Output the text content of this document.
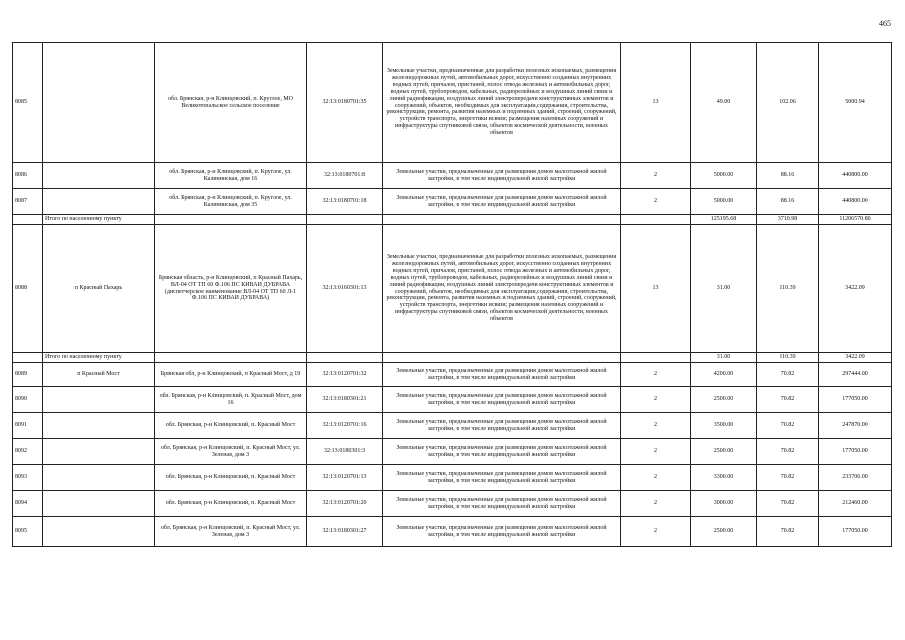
465
8085		обл. Брянская, р-н Клинцовский, п. Круглое, МО Великотопальское сельское поселение	32:13:0180701:35	Земельные участки, предназначенные для разработки полезных ископаемых, размещения железнодорожных путей, автомобильных дорог, искусственно созданных внутренних водных путей, причалов, пристаней, полос отвода железных и автомобильных дорог, водных путей, трубопроводов, кабельных, радиорелейных и воздушных линий связи и линий радиофикации, воздушных линий электропередачи конструктивных элементов и сооружений, объектов, необходимых для эксплуатации,содержания, строительства, реконструкции, ремонта, развития наземных и подземных зданий, строений, сооружений, устройств транспорта, энергетики исвязи; размещения наземных сооружений и инфраструктуры спутниковой связи, объектов космической деятельности, военных объектов	13	49.00	102.06	5000.94
8086		обл. Брянская, р-н Клинцовский, п. Круглое, ул. Калининская, дом 16	32:13:0180701:8	Земельные участки, предназначенные для размещения домов малоэтажной жилой застройки, в том числе индивидуальной жилой застройки	2	5000.00	88.16	440800.00
8087		обл. Брянская, р-н Клинцовский, п. Круглое, ул. Калининская, дом 35	32:13:0180701:18	Земельные участки, предназначенные для размещения домов малоэтажной жилой застройки, в том числе индивидуальной жилой застройки	2	5000.00	88.16	440800.00
	Итого по населенному пункту					125195.68	3710.98	11206570.80
8088	п Красный Пахарь	Брянская область, р-н Клинцовский, п Красный Пахарь, ВЛ-04 ОТ ТП 60 Ф.106 ПС КИВАИ ДУБРАВА (диспетчерское наименование ВЛ-04 ОТ ТП 60 Л-1 Ф.106 ПС КИВАИ ДУБРАВА)	32:13:0160301:13	Земельные участки, предназначенные для разработки полезных ископаемых, размещения железнодорожных путей, автомобильных дорог, искусственно созданных внутренних водных путей, причалов, пристаней, полос отвода железных и автомобильных дорог, водных путей, трубопроводов, кабельных, радиорелейных и воздушных линий связи и линий радиофикации, воздушных линий электропередачи конструктивных элементов и сооружений, объектов, необходимых для эксплуатации,содержания, строительства, реконструкции, ремонта, развития наземных и подземных зданий, строений, сооружений, устройств транспорта, энергетики исвязи; размещения наземных сооружений и инфраструктуры спутниковой связи, объектов космической деятельности, военных объектов	13	31.00	110.39	3422.09
	Итого по населенному пункту					31.00	110.39	3422.09
8089	п Красный Мост	Брянская обл, р-н Клинцовский, п Красный Мост, д 19	32:13:0120701:32	Земельные участки, предназначенные для размещения домов малоэтажной жилой застройки, в том числе индивидуальной жилой застройки	2	4200.00	70.82	297444.00
8090		обл. Брянская, р-н Клинцовский, п. Красный Мост, дом 16	32:13:0180301:21	Земельные участки, предназначенные для размещения домов малоэтажной жилой застройки, в том числе индивидуальной жилой застройки	2	2500.00	70.82	177050.00
8091		обл. Брянская, р-н Клинцовский, п. Красный Мост	32:13:0120701:16	Земельные участки, предназначенные для размещения домов малоэтажной жилой застройки, в том числе индивидуальной жилой застройки	2	3500.00	70.82	247870.00
8092		обл. Брянская, р-н Клинцовский, п. Красный Мост, ул. Зеленая, дом 3	32:13:0180301:3	Земельные участки, предназначенные для размещения домов малоэтажной жилой застройки, в том числе индивидуальной жилой застройки	2	2500.00	70.82	177050.00
8093		обл. Брянская, р-н Клинцовский, п. Красный Мост	32:13:0120701:13	Земельные участки, предназначенные для размещения домов малоэтажной жилой застройки, в том числе индивидуальной жилой застройки	2	3300.00	70.82	233706.00
8094		обл. Брянская, р-н Клинцовский, п. Красный Мост	32:13:0120701:20	Земельные участки, предназначенные для размещения домов малоэтажной жилой застройки, в том числе индивидуальной жилой застройки	2	3000.00	70.82	212460.00
8095		обл. Брянская, р-н Клинцовский, п. Красный Мост, ул. Зеленая, дом 3	32:13:0180301:27	Земельные участки, предназначенные для размещения домов малоэтажной жилой застройки, в том числе индивидуальной жилой застройки	2	2500.00	70.82	177050.00
